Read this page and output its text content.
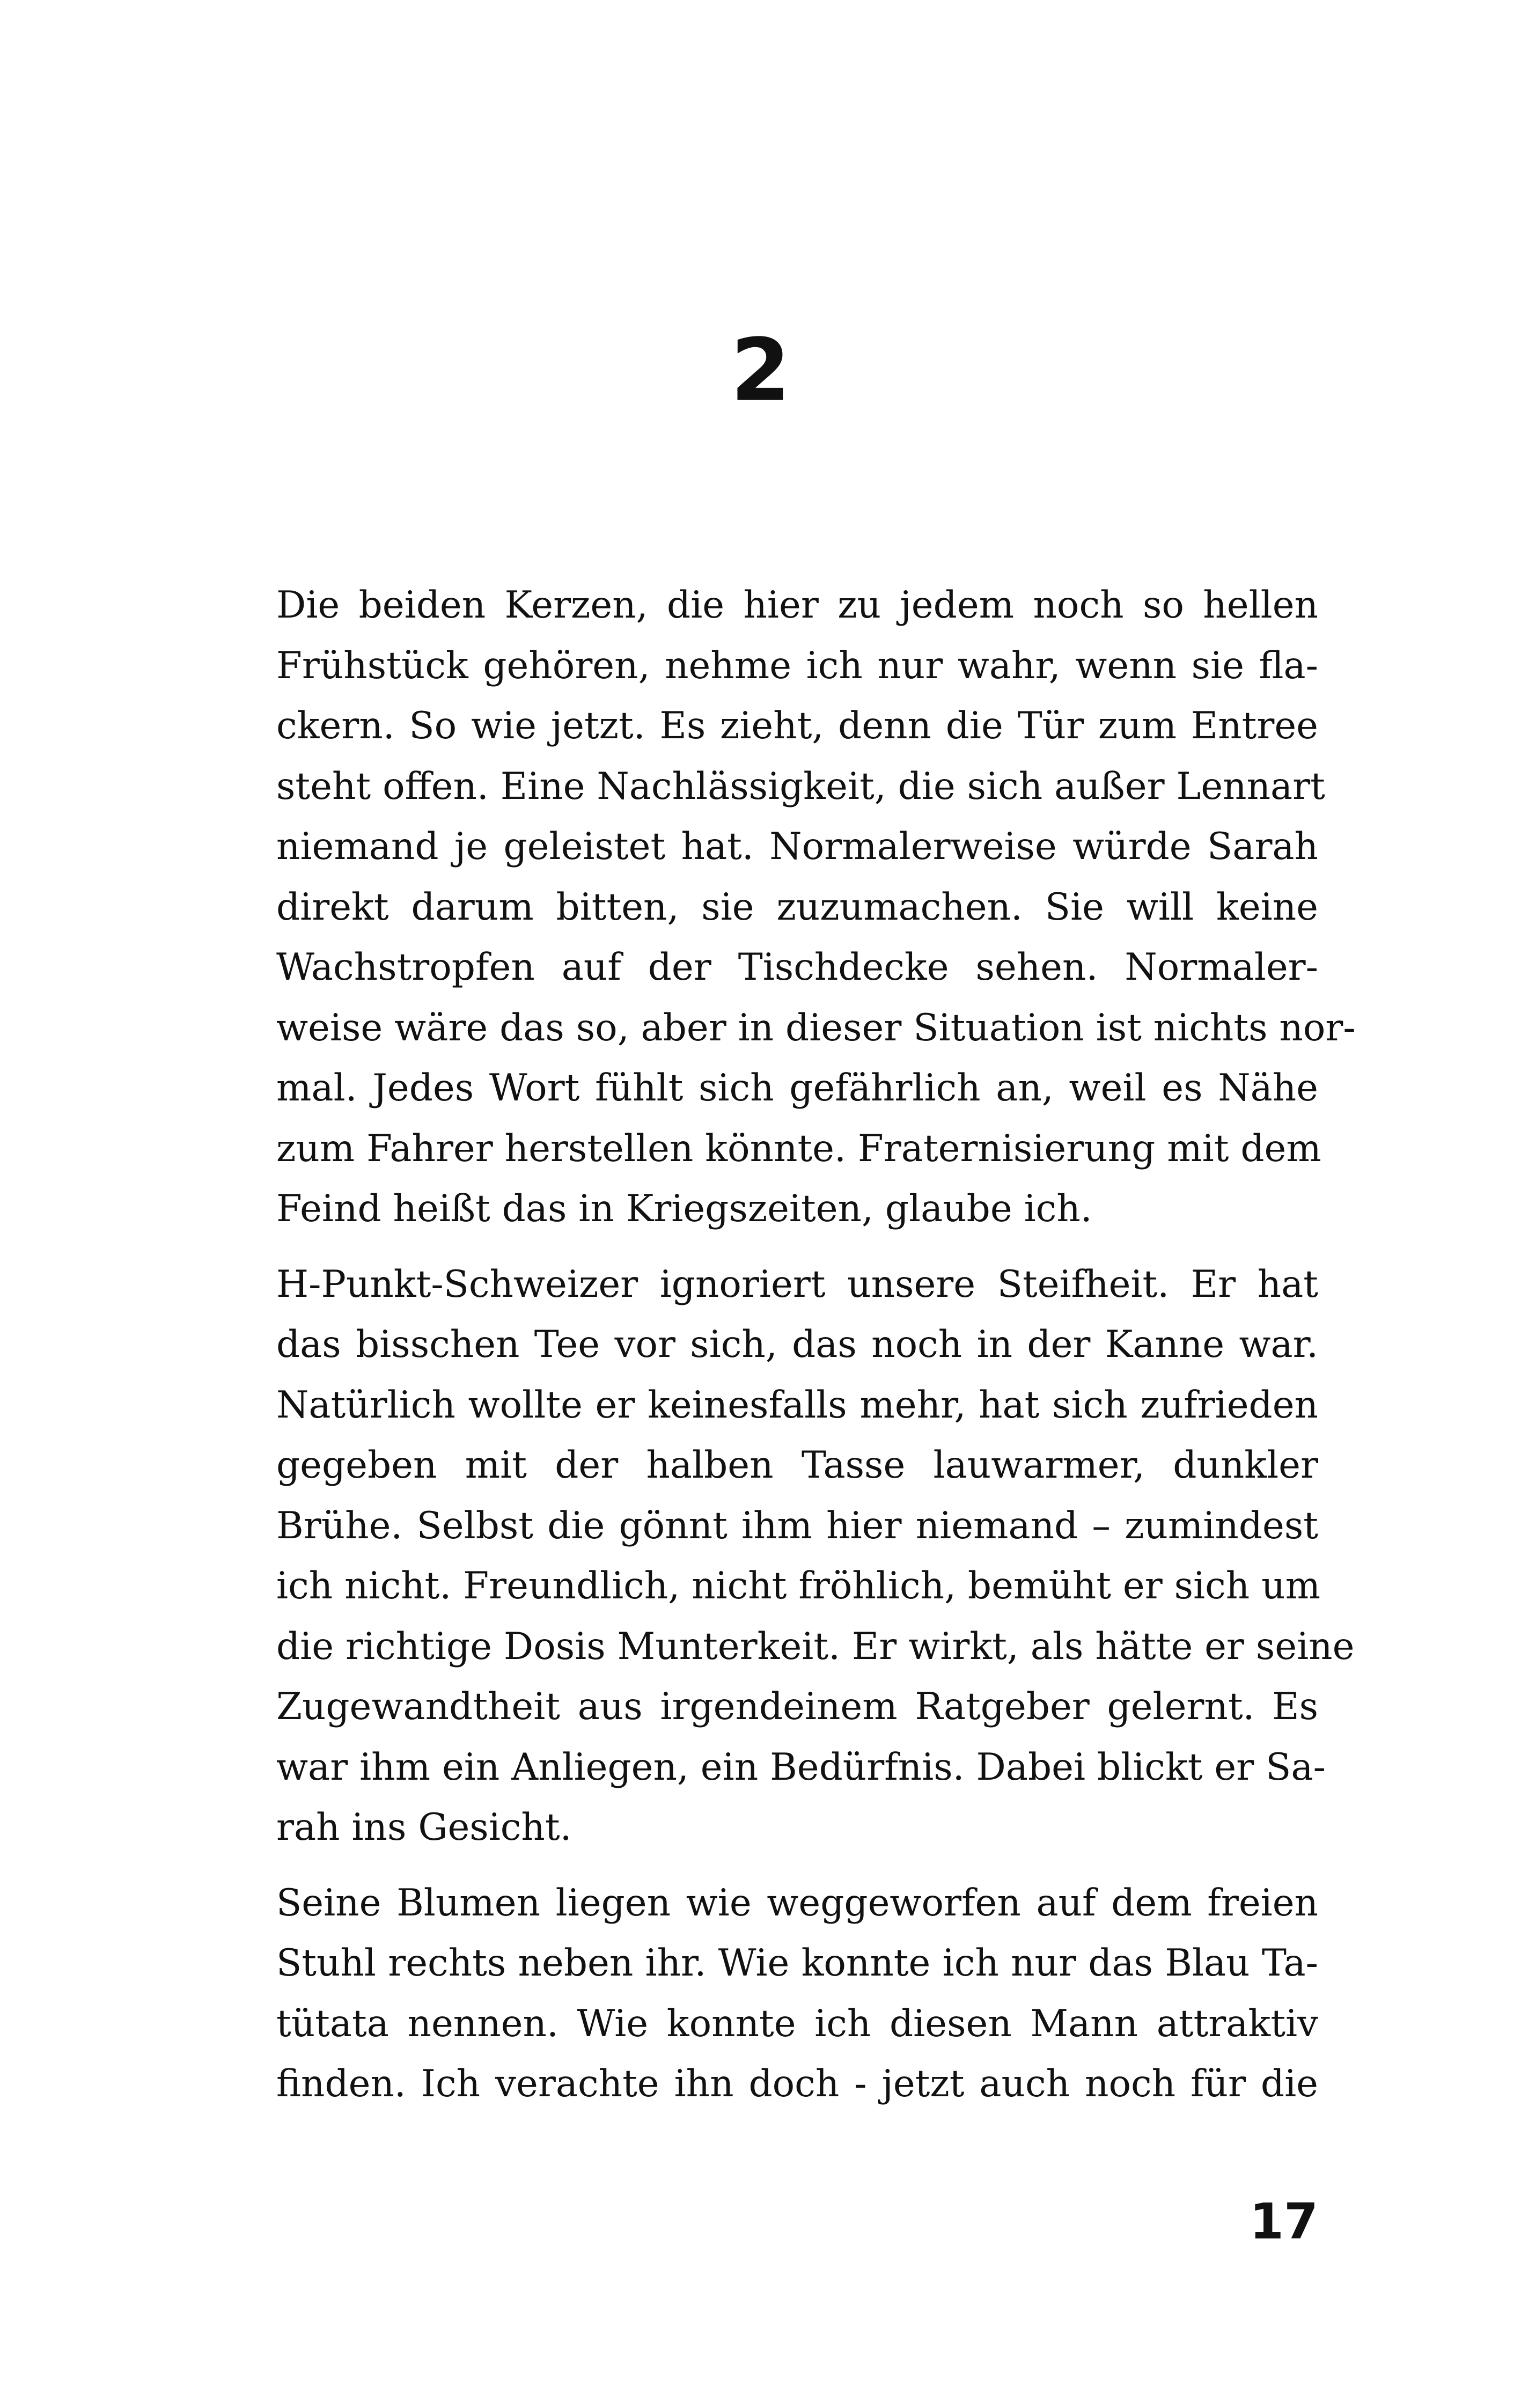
2

Die beiden Kerzen, die hier zu jedem noch so hellen
Frühstück gehören, nehme ich nur wahr, wenn sie fla-
ckern. So wie jetzt. Es zieht, denn die Tür zum Entree
steht offen. Eine Nachlässigkeit, die sich außer Lennart
niemand je geleistet hat. Normalerweise würde Sarah
direkt darum bitten, sie zuzumachen. Sie will keine
Wachstropfen auf der Tischdecke sehen. Normaler-
weise wäre das so, aber in dieser Situation ist nichts nor-
mal. Jedes Wort fühlt sich gefährlich an, weil es Nähe
zum Fahrer herstellen könnte. Fraternisierung mit dem
Feind heißt das in Kriegszeiten, glaube ich.

H-Punkt-Schweizer ignoriert unsere Steifheit. Er hat
das bisschen Tee vor sich, das noch in der Kanne war.
Natürlich wollte er keinesfalls mehr, hat sich zufrieden
gegeben mit der halben Tasse lauwarmer, dunkler
Brühe. Selbst die gönnt ihm hier niemand – zumindest
ich nicht. Freundlich, nicht fröhlich, bemüht er sich um
die richtige Dosis Munterkeit. Er wirkt, als hätte er seine
Zugewandtheit aus irgendeinem Ratgeber gelernt. Es
war ihm ein Anliegen, ein Bedürfnis. Dabei blickt er Sa-
rah ins Gesicht.

Seine Blumen liegen wie weggeworfen auf dem freien
Stuhl rechts neben ihr. Wie konnte ich nur das Blau Ta-
tütata nennen. Wie konnte ich diesen Mann attraktiv
finden. Ich verachte ihn doch - jetzt auch noch für die

17
